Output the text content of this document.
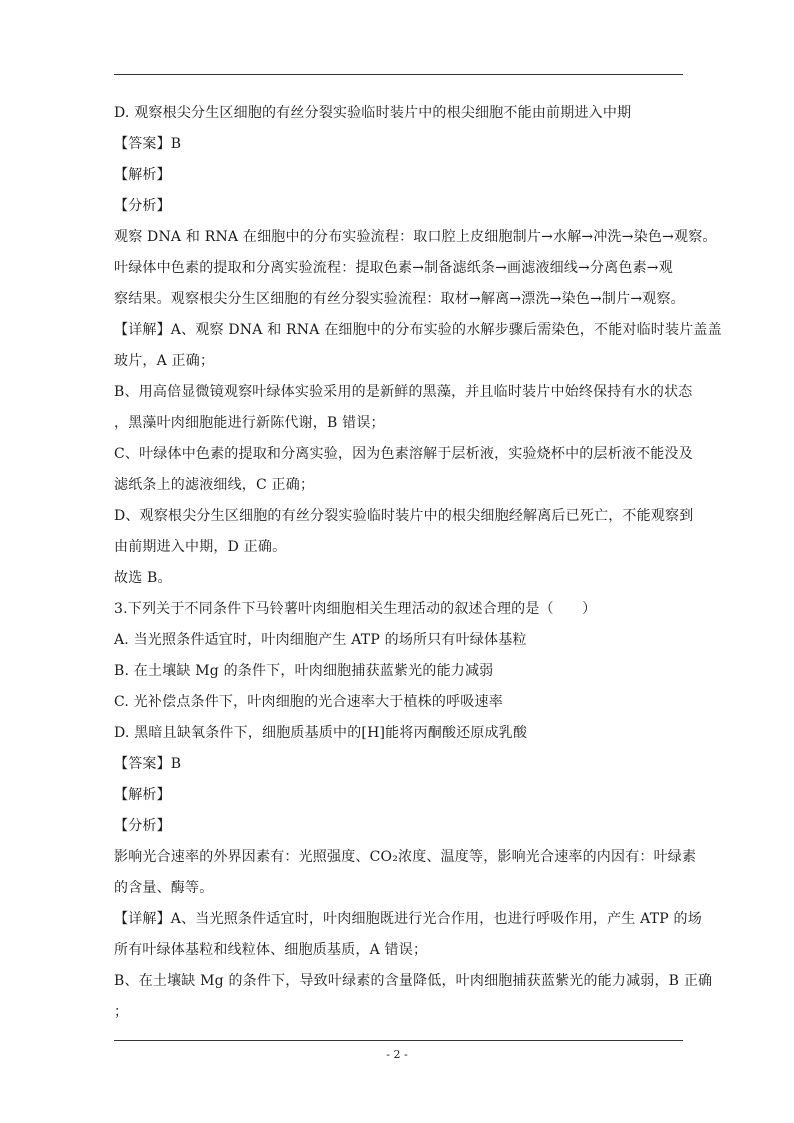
D. 观察根尖分生区细胞的有丝分裂实验临时装片中的根尖细胞不能由前期进入中期
【答案】B
【解析】
【分析】
观察 DNA 和 RNA 在细胞中的分布实验流程：取口腔上皮细胞制片→水解→冲洗→染色→观察。
叶绿体中色素的提取和分离实验流程：提取色素→制备滤纸条→画滤液细线→分离色素→观
察结果。观察根尖分生区细胞的有丝分裂实验流程：取材→解离→漂洗→染色→制片→观察。
【详解】A、观察 DNA 和 RNA 在细胞中的分布实验的水解步骤后需染色，不能对临时装片盖盖
玻片，A 正确；
B、用高倍显微镜观察叶绿体实验采用的是新鲜的黑藻，并且临时装片中始终保持有水的状态
，黑藻叶肉细胞能进行新陈代谢，B 错误；
C、叶绿体中色素的提取和分离实验，因为色素溶解于层析液，实验烧杯中的层析液不能没及
滤纸条上的滤液细线，C 正确；
D、观察根尖分生区细胞的有丝分裂实验临时装片中的根尖细胞经解离后已死亡，不能观察到
由前期进入中期，D 正确。
故选 B。
3.下列关于不同条件下马铃薯叶肉细胞相关生理活动的叙述合理的是（　　）
A. 当光照条件适宜时，叶肉细胞产生 ATP 的场所只有叶绿体基粒
B. 在土壤缺 Mg 的条件下，叶肉细胞捕获蓝紫光的能力减弱
C. 光补偿点条件下，叶肉细胞的光合速率大于植株的呼吸速率
D. 黑暗且缺氧条件下，细胞质基质中的[H]能将丙酮酸还原成乳酸
【答案】B
【解析】
【分析】
影响光合速率的外界因素有：光照强度、CO₂浓度、温度等，影响光合速率的内因有：叶绿素
的含量、酶等。
【详解】A、当光照条件适宜时，叶肉细胞既进行光合作用，也进行呼吸作用，产生 ATP 的场
所有叶绿体基粒和线粒体、细胞质基质，A 错误；
B、在土壤缺 Mg 的条件下，导致叶绿素的含量降低，叶肉细胞捕获蓝紫光的能力减弱，B 正确
；
- 2 -
